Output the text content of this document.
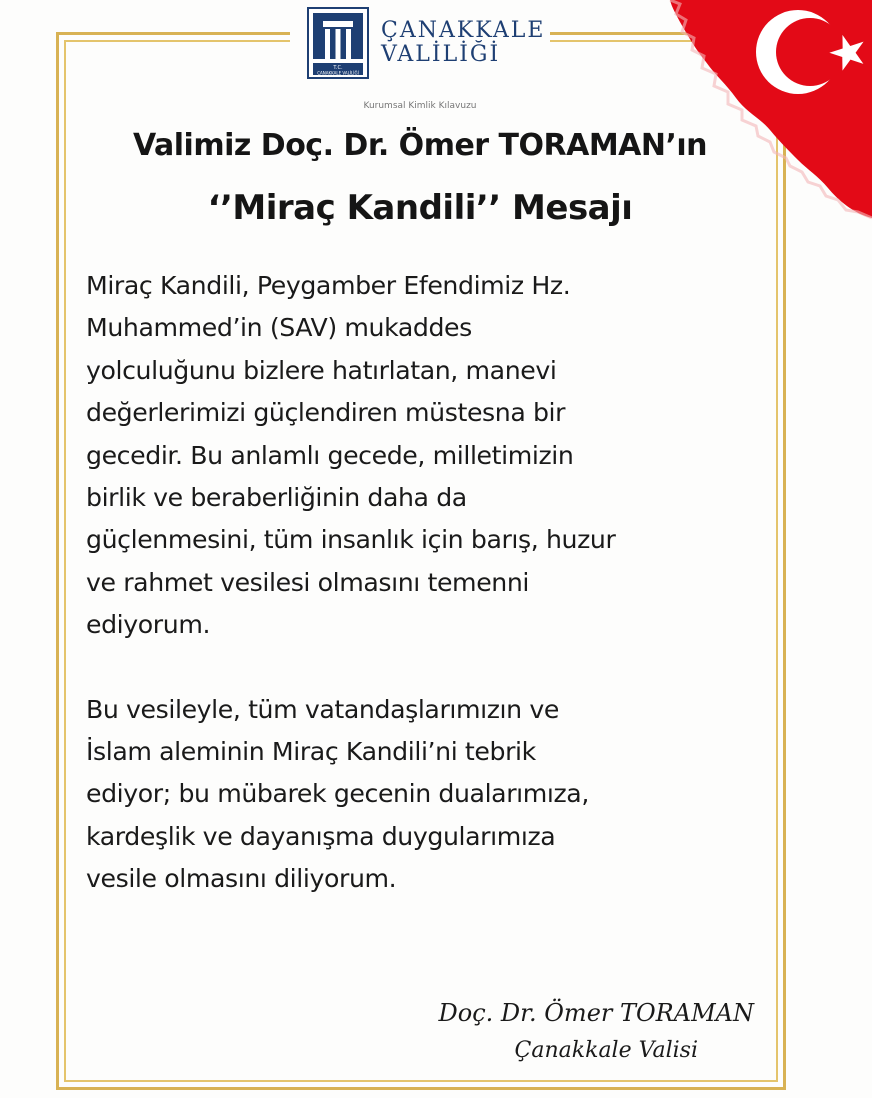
T.C.
ÇANAKKALE VALİLİĞİ
ÇANAKKALE
VALİLİĞİ
Kurumsal Kimlik Kılavuzu
Valimiz Doç. Dr. Ömer TORAMAN’ın
‘’Miraç Kandili’’ Mesajı

Miraç Kandili, Peygamber Efendimiz Hz.
Muhammed’in (SAV) mukaddes
yolculuğunu bizlere hatırlatan, manevi
değerlerimizi güçlendiren müstesna bir
gecedir. Bu anlamlı gecede, milletimizin
birlik ve beraberliğinin daha da
güçlenmesini, tüm insanlık için barış, huzur
ve rahmet vesilesi olmasını temenni
ediyorum.

Bu vesileyle, tüm vatandaşlarımızın ve
İslam aleminin Miraç Kandili’ni tebrik
ediyor; bu mübarek gecenin dualarımıza,
kardeşlik ve dayanışma duygularımıza
vesile olmasını diliyorum.

Doç. Dr. Ömer TORAMAN
Çanakkale Valisi
